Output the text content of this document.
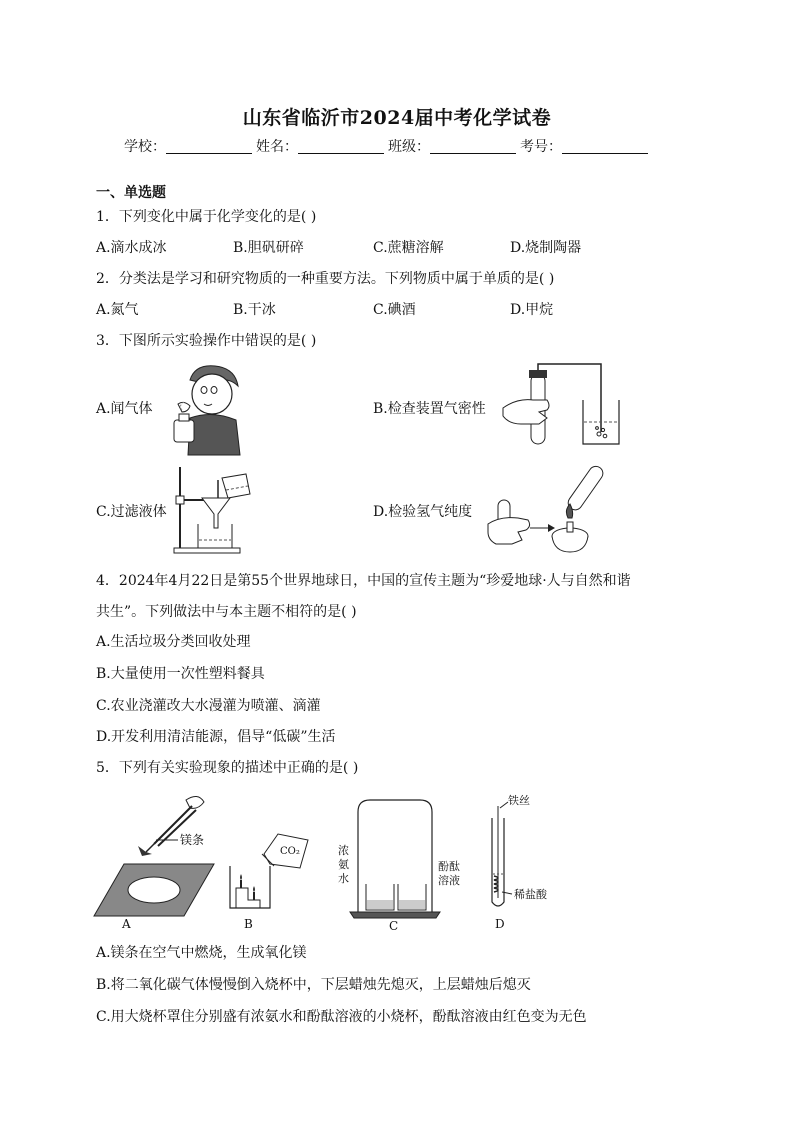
山东省临沂市2024届中考化学试卷
学校：	姓名：	班级：	考号：
一、单选题
1．下列变化中属于化学变化的是( )
A.滴水成冰	B.胆矾研碎	C.蔗糖溶解	D.烧制陶器
2．分类法是学习和研究物质的一种重要方法。下列物质中属于单质的是( )
A.氮气	B.干冰	C.碘酒	D.甲烷
3．下图所示实验操作中错误的是( )
A.闻气体	B.检查装置气密性
C.过滤液体	D.检验氢气纯度
4．2024年4月22日是第55个世界地球日，中国的宣传主题为“珍爱地球·人与自然和谐
共生”。下列做法中与本主题不相符的是( )
A.生活垃圾分类回收处理
B.大量使用一次性塑料餐具
C.农业浇灌改大水漫灌为喷灌、滴灌
D.开发利用清洁能源，倡导“低碳”生活
5．下列有关实验现象的描述中正确的是( )
镁条
A
CO₂
B
浓
氨
水
酚酞
溶液
C
铁丝
稀盐酸
D
A.镁条在空气中燃烧，生成氧化镁
B.将二氧化碳气体慢慢倒入烧杯中，下层蜡烛先熄灭，上层蜡烛后熄灭
C.用大烧杯罩住分别盛有浓氨水和酚酞溶液的小烧杯，酚酞溶液由红色变为无色
